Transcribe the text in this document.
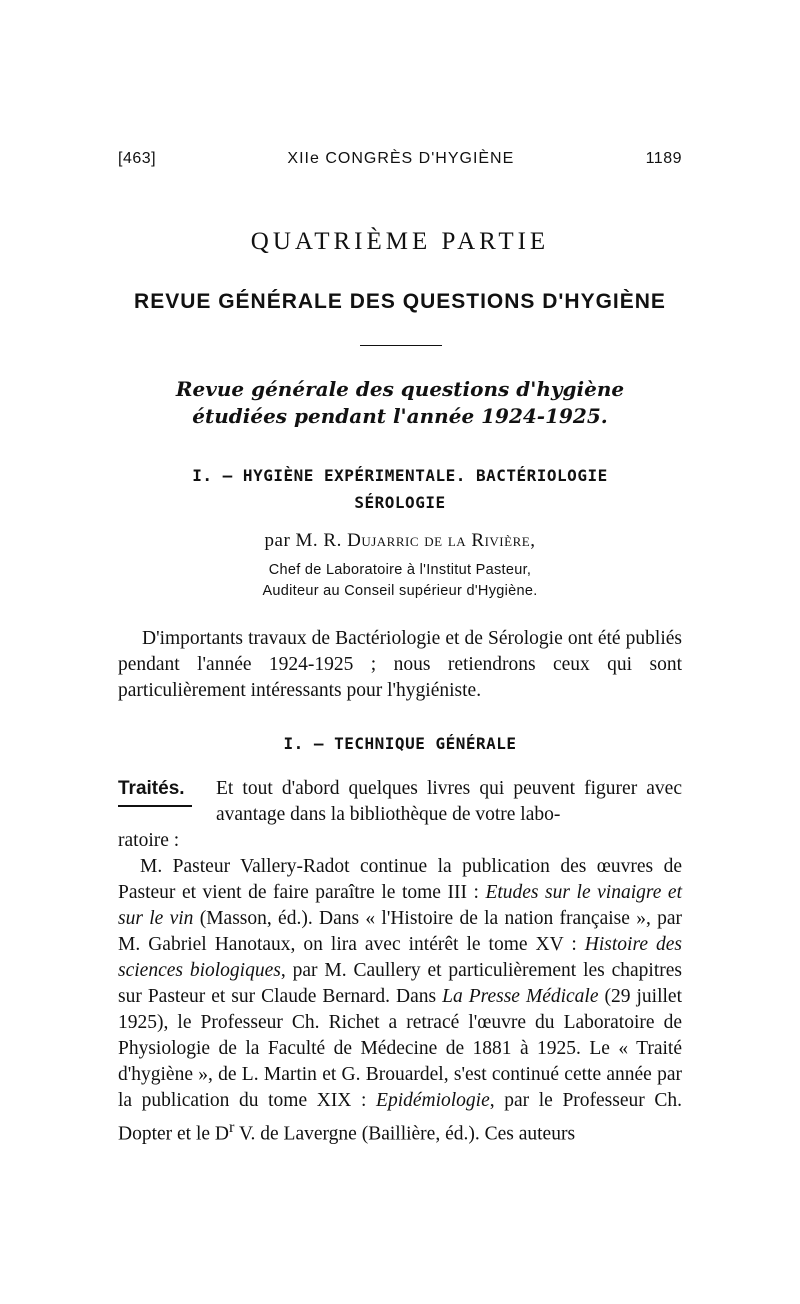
[463]	XIIe CONGRÈS D'HYGIÈNE	1189
QUATRIÈME PARTIE
REVUE GÉNÉRALE DES QUESTIONS D'HYGIÈNE
Revue générale des questions d'hygiène
étudiées pendant l'année 1924-1925.
I. — HYGIÈNE EXPÉRIMENTALE. BACTÉRIOLOGIE
SÉROLOGIE
par M. R. Dujarric de la Rivière,
Chef de Laboratoire à l'Institut Pasteur,
Auditeur au Conseil supérieur d'Hygiène.

D'importants travaux de Bactériologie et de Sérologie ont été publiés pendant l'année 1924-1925 ; nous retiendrons ceux qui sont particulièrement intéressants pour l'hygiéniste.

I. — TECHNIQUE GÉNÉRALE
Traités. Et tout d'abord quelques livres qui peuvent figurer avec avantage dans la bibliothèque de votre labo-

ratoire :
M. Pasteur Vallery-Radot continue la publication des œuvres de Pasteur et vient de faire paraître le tome III : Etudes sur le vinaigre et sur le vin (Masson, éd.). Dans « l'Histoire de la nation française », par M. Gabriel Hanotaux, on lira avec intérêt le tome XV : Histoire des sciences biologiques, par M. Caullery et particulièrement les chapitres sur Pasteur et sur Claude Bernard. Dans La Presse Médicale (29 juillet 1925), le Professeur Ch. Richet a retracé l'œuvre du Laboratoire de Physiologie de la Faculté de Médecine de 1881 à 1925. Le « Traité d'hygiène », de L. Martin et G. Brouardel, s'est continué cette année par la publication du tome XIX : Epidémiologie, par le Professeur Ch. Dopter et le $D^r$ V. de Lavergne (Baillière, éd.). Ces auteurs
